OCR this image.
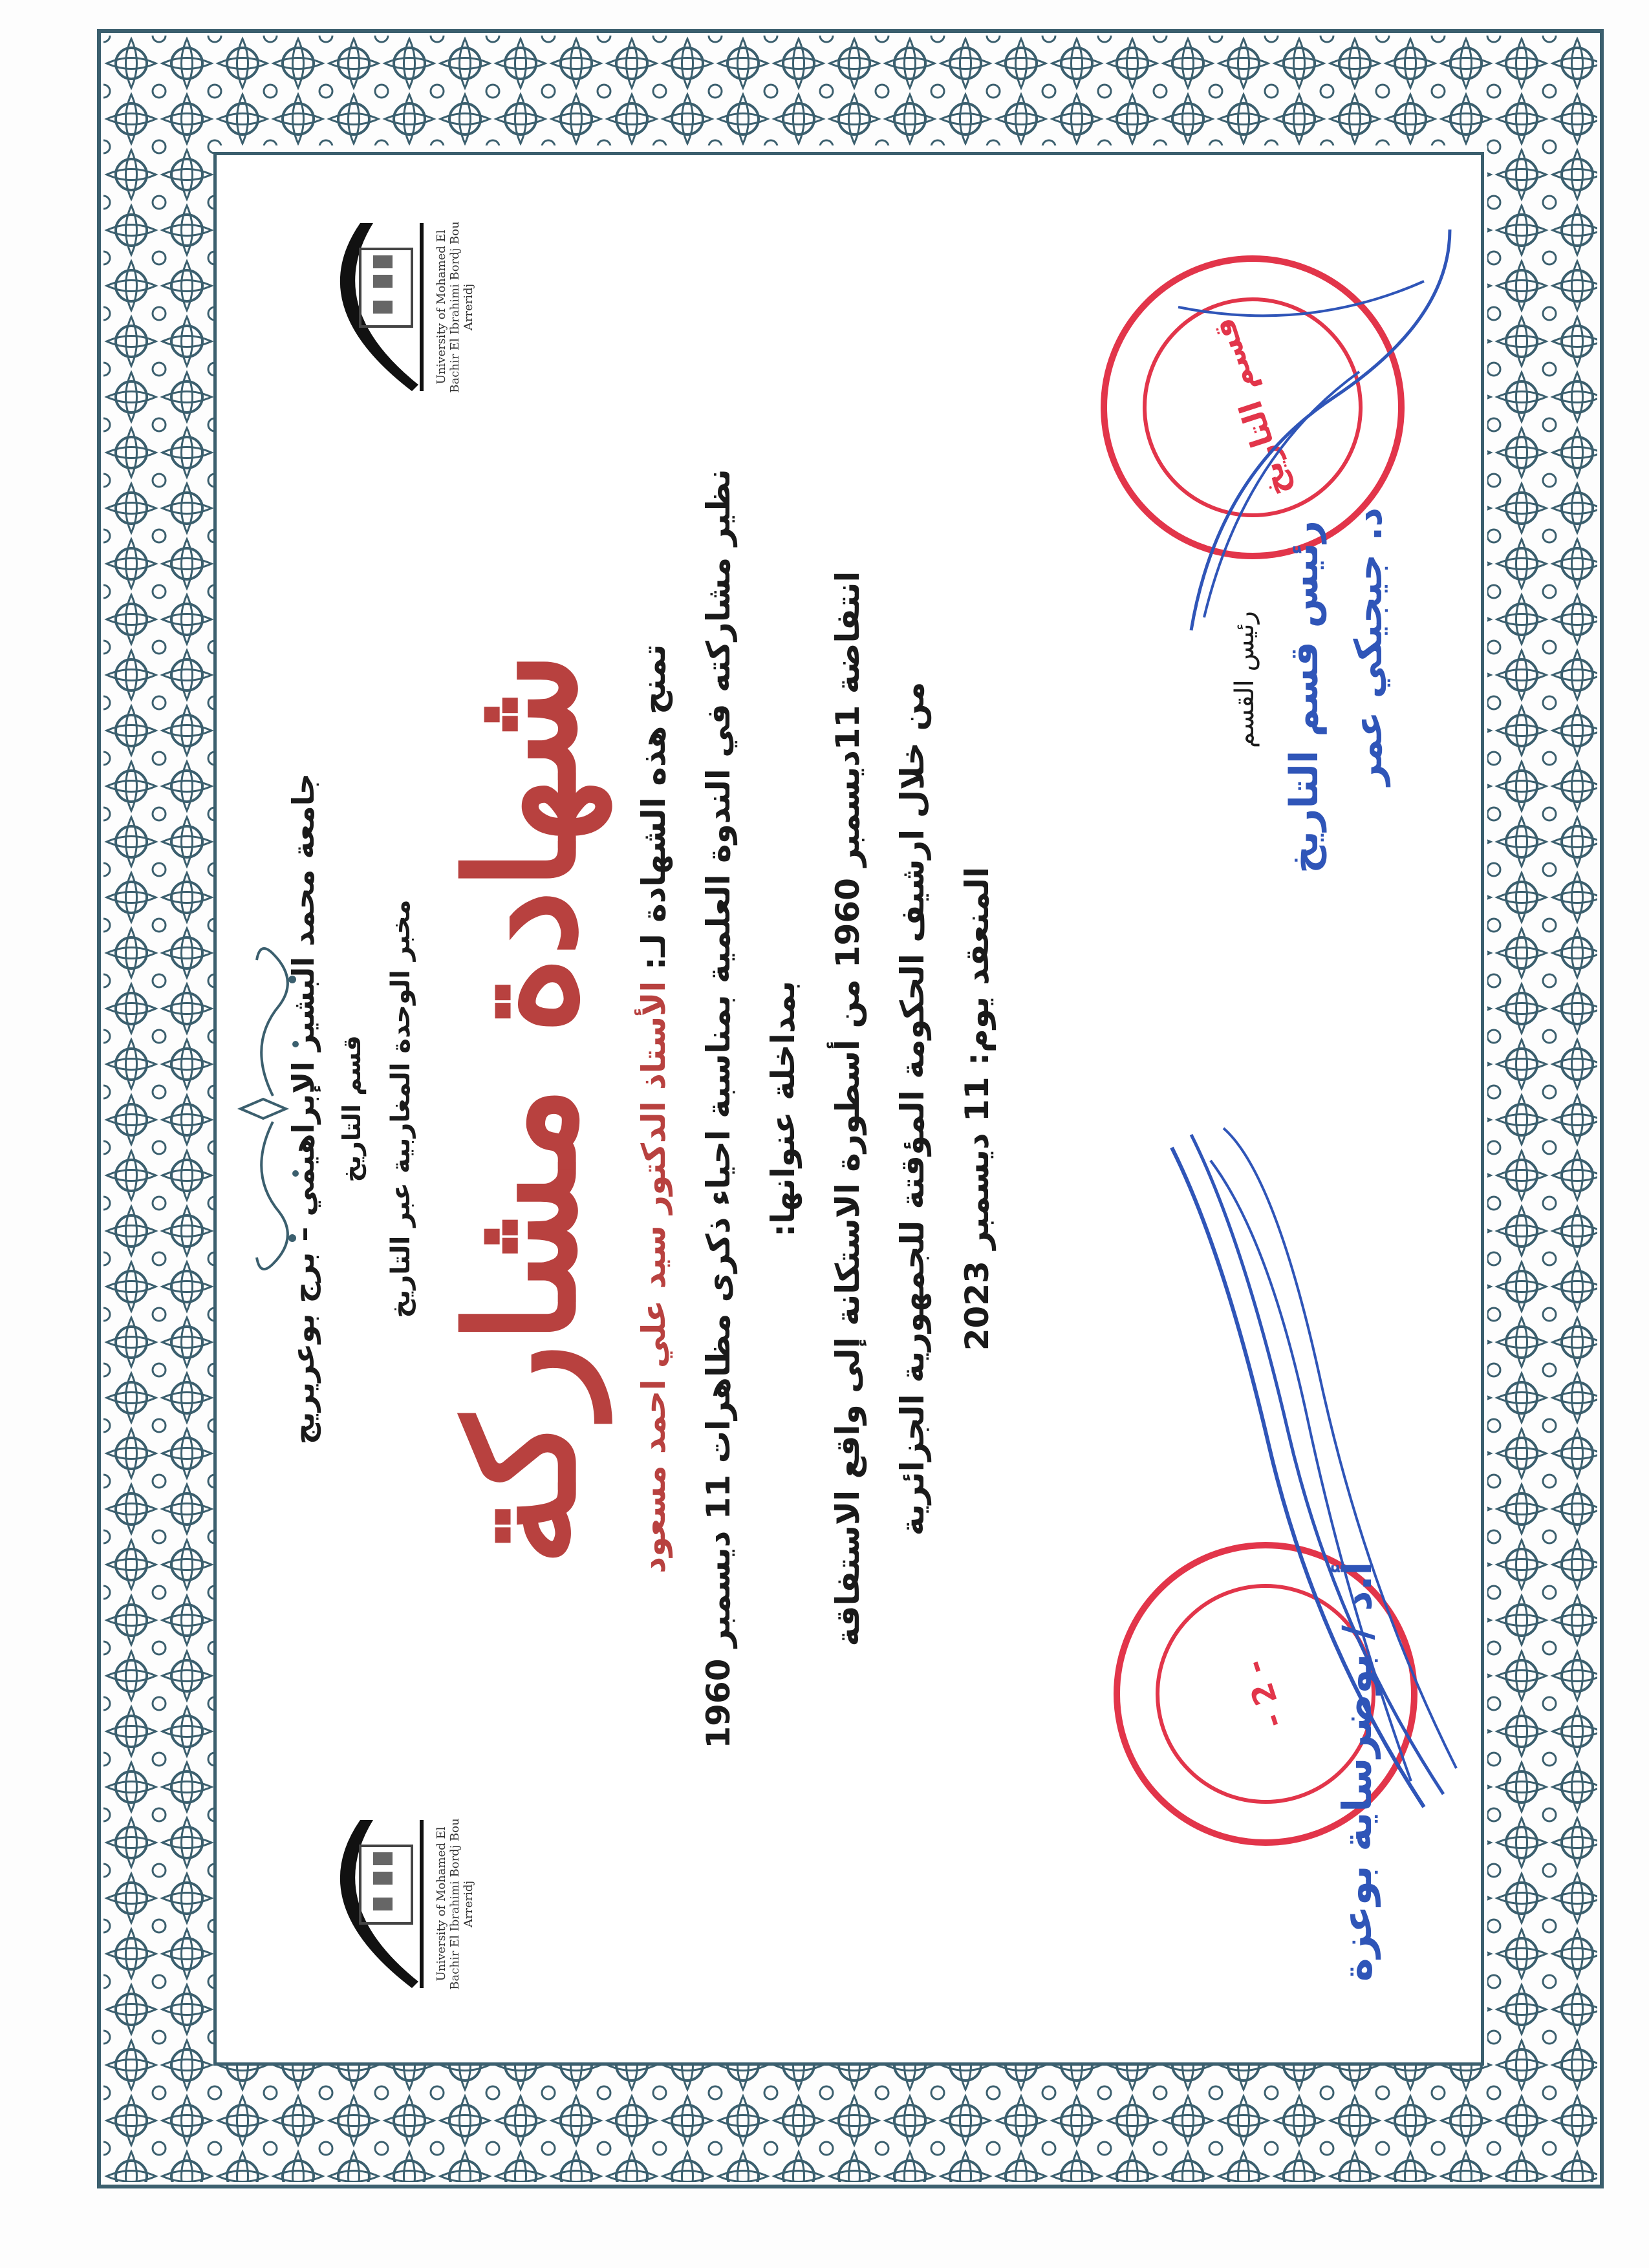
University of Mohamed El Bachir El Ibrahimi Bordj Bou Arreridj
University of Mohamed El Bachir El Ibrahimi Bordj Bou Arreridj
جامعة محمد البشير الإبراهيمي – برج بوعريريج قسم التاريخ مخبر الوحدة المغاربية عبر التاريخ شهادة مشاركة تمنح هذه الشهادة لـ: الأستاذ الدكتور سيد علي احمد مسعود
نظير مشاركته في الندوة العلمية بمناسبة احياء ذكرى مظاهرات 11 ديسمبر 1960 بمداخلة عنوانها: انتفاضة 11ديسمبر 1960 من أسطورة الاستكانة إلى واقع الاستفاقة
من خلال ارشيف الحكومة المؤقتة للجمهورية الجزائرية المنعقد يوم: 11 ديسمبر 2023
قسم التاريخ
- 2 -
رئيس القسم رئيس قسم التاريخ د. جيجيكي عمر
أ.د / بوضرساية بوعزة
